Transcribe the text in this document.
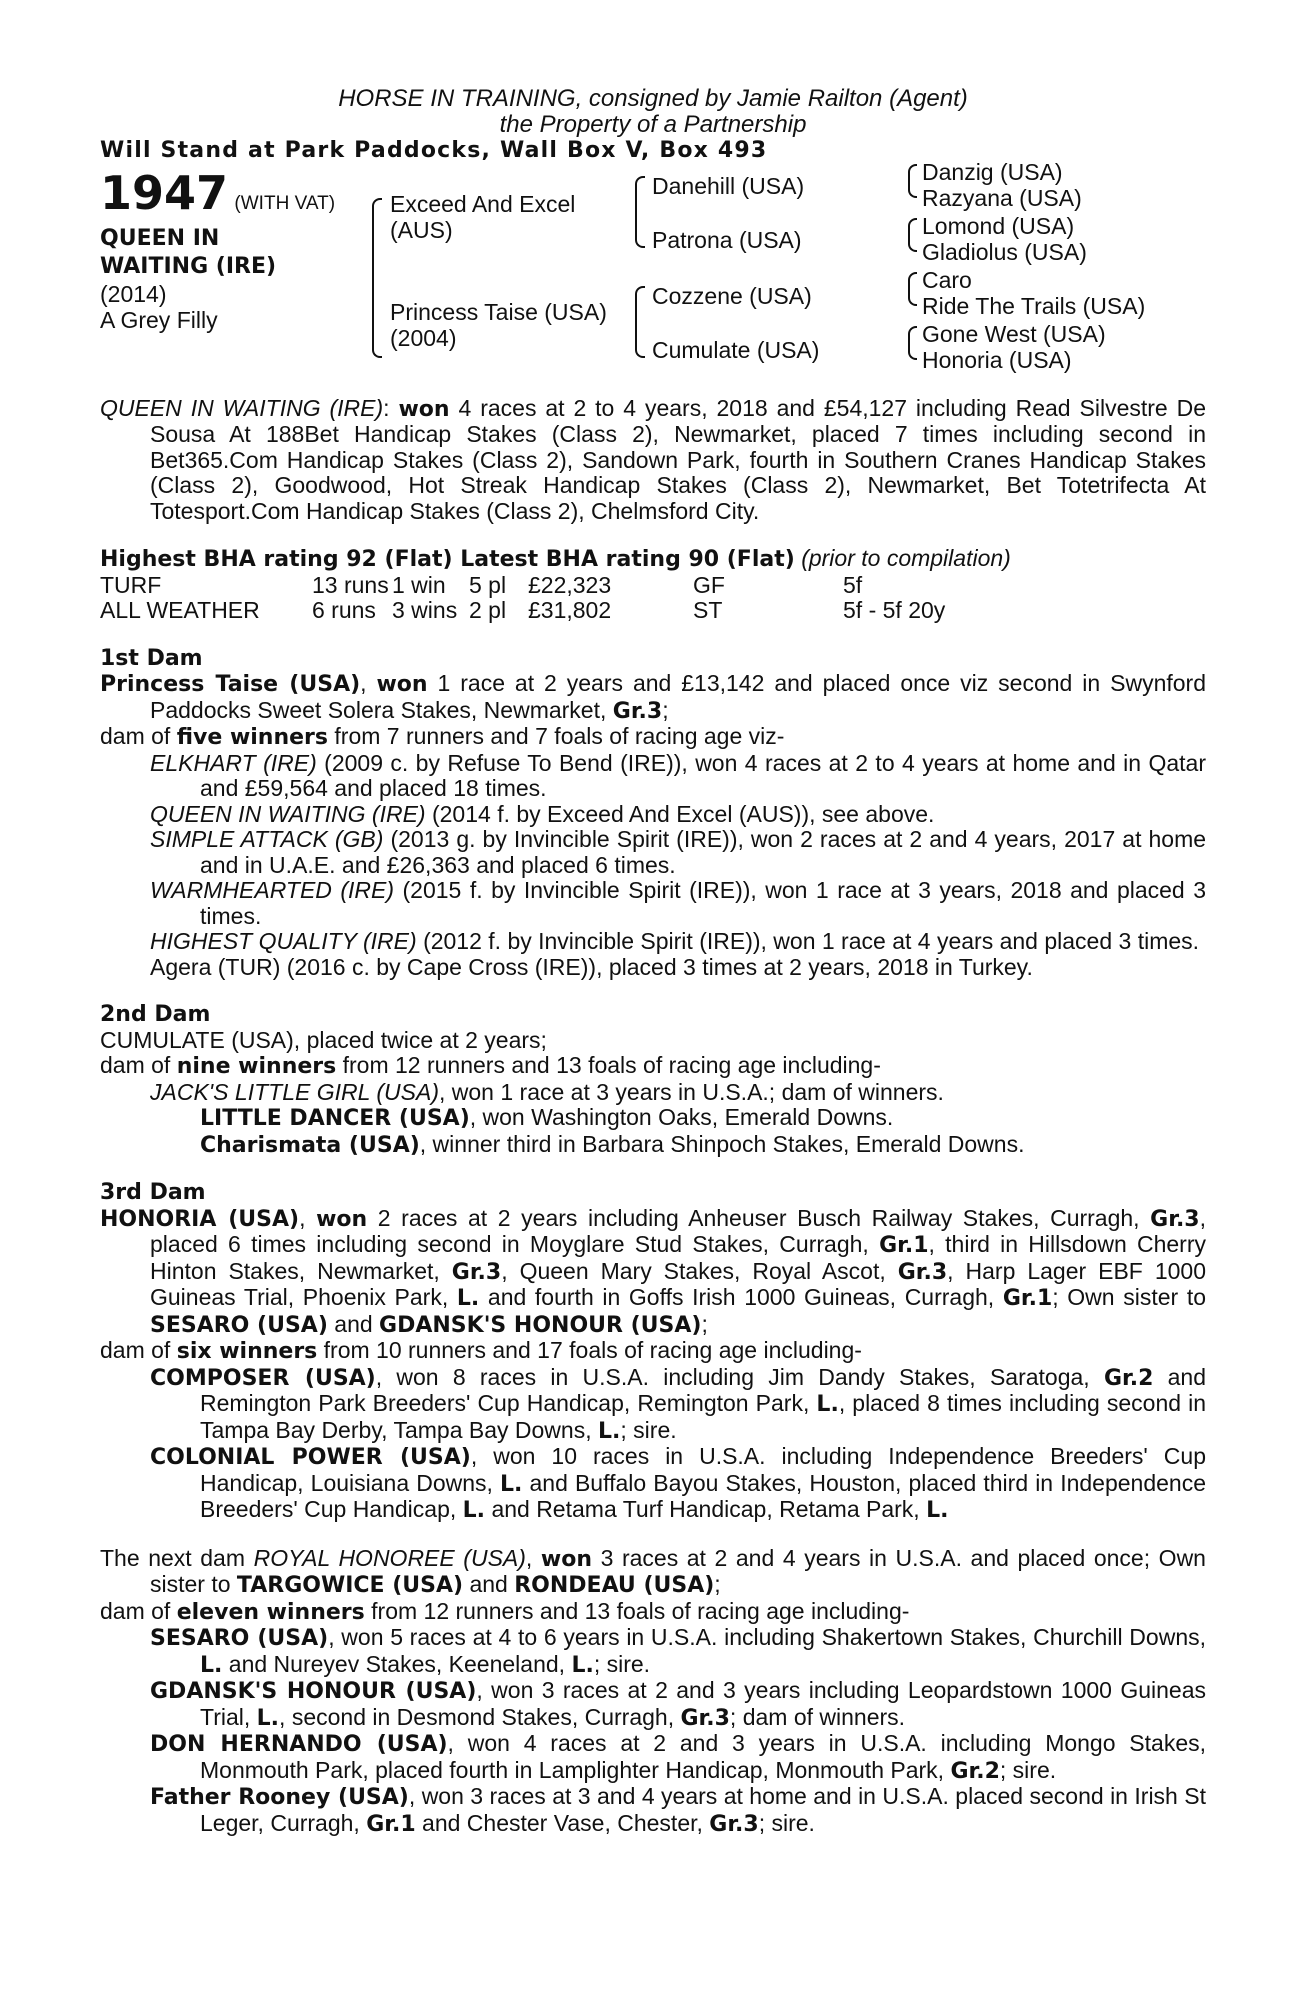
HORSE IN TRAINING, consigned by Jamie Railton (Agent)
the Property of a Partnership
Will Stand at Park Paddocks, Wall Box V, Box 493
1947 (WITH VAT)
QUEEN IN
WAITING (IRE)
(2014)
A Grey Filly
Exceed And Excel
(AUS)
Princess Taise (USA)
(2004)
Danehill (USA)
Patrona (USA)
Cozzene (USA)
Cumulate (USA)
Danzig (USA)
Razyana (USA)
Lomond (USA)
Gladiolus (USA)
Caro
Ride The Trails (USA)
Gone West (USA)
Honoria (USA)

QUEEN IN WAITING (IRE): won 4 races at 2 to 4 years, 2018 and £54,127 including Read Silvestre De Sousa At 188Bet Handicap Stakes (Class 2), Newmarket, placed 7 times including second in Bet365.Com Handicap Stakes (Class 2), Sandown Park, fourth in Southern Cranes Handicap Stakes (Class 2), Goodwood, Hot Streak Handicap Stakes (Class 2), Newmarket, Bet Totetrifecta At Totesport.Com Handicap Stakes (Class 2), Chelmsford City.

Highest BHA rating 92 (Flat) Latest BHA rating 90 (Flat) (prior to compilation)
TURF	13 runs 1 win	5 pl £22,323	GF	5f
ALL WEATHER	6 runs 3 wins 2 pl £31,802	ST	5f - 5f 20y
1st Dam

Princess Taise (USA), won 1 race at 2 years and £13,142 and placed once viz second in Swynford Paddocks Sweet Solera Stakes, Newmarket, Gr.3;

dam of five winners from 7 runners and 7 foals of racing age viz-

ELKHART (IRE) (2009 c. by Refuse To Bend (IRE)), won 4 races at 2 to 4 years at home and in Qatar and £59,564 and placed 18 times.

QUEEN IN WAITING (IRE) (2014 f. by Exceed And Excel (AUS)), see above.

SIMPLE ATTACK (GB) (2013 g. by Invincible Spirit (IRE)), won 2 races at 2 and 4 years, 2017 at home and in U.A.E. and £26,363 and placed 6 times.

WARMHEARTED (IRE) (2015 f. by Invincible Spirit (IRE)), won 1 race at 3 years, 2018 and placed 3 times.

HIGHEST QUALITY (IRE) (2012 f. by Invincible Spirit (IRE)), won 1 race at 4 years and placed 3 times.

Agera (TUR) (2016 c. by Cape Cross (IRE)), placed 3 times at 2 years, 2018 in Turkey.

2nd Dam

CUMULATE (USA), placed twice at 2 years;

dam of nine winners from 12 runners and 13 foals of racing age including-

JACK'S LITTLE GIRL (USA), won 1 race at 3 years in U.S.A.; dam of winners.

LITTLE DANCER (USA), won Washington Oaks, Emerald Downs.

Charismata (USA), winner third in Barbara Shinpoch Stakes, Emerald Downs.

3rd Dam

HONORIA (USA), won 2 races at 2 years including Anheuser Busch Railway Stakes, Curragh, Gr.3, placed 6 times including second in Moyglare Stud Stakes, Curragh, Gr.1, third in Hillsdown Cherry Hinton Stakes, Newmarket, Gr.3, Queen Mary Stakes, Royal Ascot, Gr.3, Harp Lager EBF 1000 Guineas Trial, Phoenix Park, L. and fourth in Goffs Irish 1000 Guineas, Curragh, Gr.1; Own sister to SESARO (USA) and GDANSK'S HONOUR (USA);

dam of six winners from 10 runners and 17 foals of racing age including-

COMPOSER (USA), won 8 races in U.S.A. including Jim Dandy Stakes, Saratoga, Gr.2 and Remington Park Breeders' Cup Handicap, Remington Park, L., placed 8 times including second in Tampa Bay Derby, Tampa Bay Downs, L.; sire.

COLONIAL POWER (USA), won 10 races in U.S.A. including Independence Breeders' Cup Handicap, Louisiana Downs, L. and Buffalo Bayou Stakes, Houston, placed third in Independence Breeders' Cup Handicap, L. and Retama Turf Handicap, Retama Park, L.

The next dam ROYAL HONOREE (USA), won 3 races at 2 and 4 years in U.S.A. and placed once; Own sister to TARGOWICE (USA) and RONDEAU (USA);

dam of eleven winners from 12 runners and 13 foals of racing age including-

SESARO (USA), won 5 races at 4 to 6 years in U.S.A. including Shakertown Stakes, Churchill Downs, L. and Nureyev Stakes, Keeneland, L.; sire.

GDANSK'S HONOUR (USA), won 3 races at 2 and 3 years including Leopardstown 1000 Guineas Trial, L., second in Desmond Stakes, Curragh, Gr.3; dam of winners.

DON HERNANDO (USA), won 4 races at 2 and 3 years in U.S.A. including Mongo Stakes, Monmouth Park, placed fourth in Lamplighter Handicap, Monmouth Park, Gr.2; sire.

Father Rooney (USA), won 3 races at 3 and 4 years at home and in U.S.A. placed second in Irish St Leger, Curragh, Gr.1 and Chester Vase, Chester, Gr.3; sire.
